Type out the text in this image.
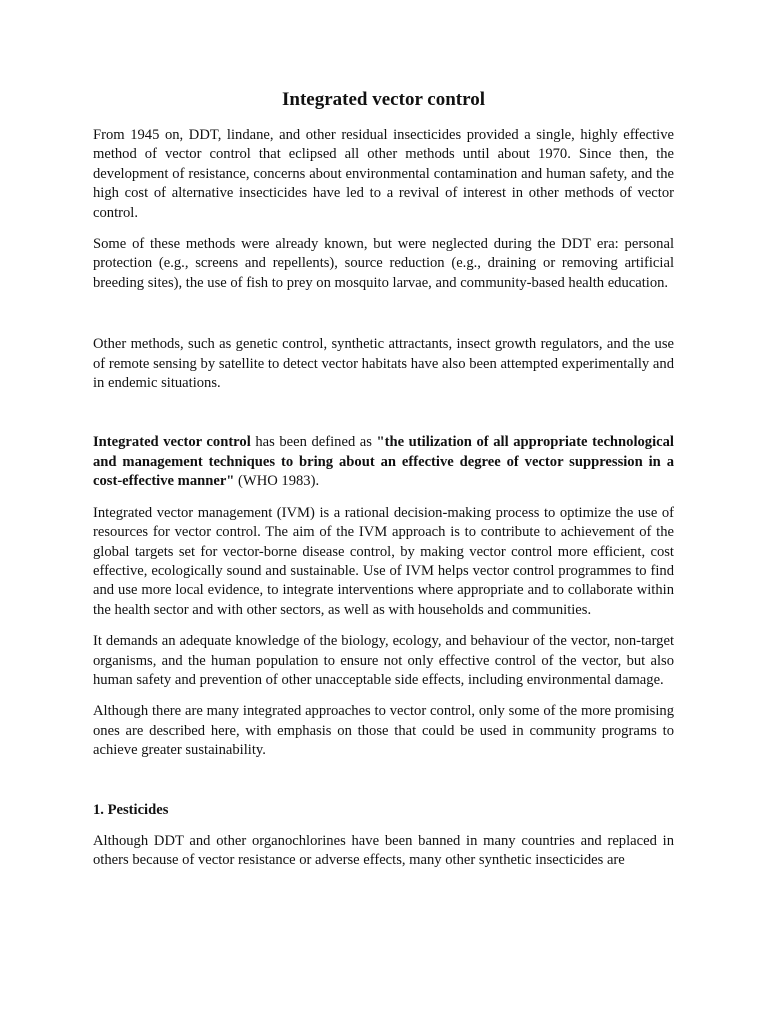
Integrated vector control

From 1945 on, DDT, lindane, and other residual insecticides provided a single, highly effective method of vector control that eclipsed all other methods until about 1970. Since then, the development of resistance, concerns about environmental contamination and human safety, and the high cost of alternative insecticides have led to a revival of interest in other methods of vector control.

Some of these methods were already known, but were neglected during the DDT era: personal protection (e.g., screens and repellents), source reduction (e.g., draining or removing artificial breeding sites), the use of fish to prey on mosquito larvae, and community-based health education.

Other methods, such as genetic control, synthetic attractants, insect growth regulators, and the use of remote sensing by satellite to detect vector habitats have also been attempted experimentally and in endemic situations.

Integrated vector control has been defined as "the utilization of all appropriate technological and management techniques to bring about an effective degree of vector suppression in a cost-effective manner" (WHO 1983).

Integrated vector management (IVM) is a rational decision-making process to optimize the use of resources for vector control. The aim of the IVM approach is to contribute to achievement of the global targets set for vector-borne disease control, by making vector control more efficient, cost effective, ecologically sound and sustainable. Use of IVM helps vector control programmes to find and use more local evidence, to integrate interventions where appropriate and to collaborate within the health sector and with other sectors, as well as with households and communities.

It demands an adequate knowledge of the biology, ecology, and behaviour of the vector, non-target organisms, and the human population to ensure not only effective control of the vector, but also human safety and prevention of other unacceptable side effects, including environmental damage.

Although there are many integrated approaches to vector control, only some of the more promising ones are described here, with emphasis on those that could be used in community programs to achieve greater sustainability.

1. Pesticides

Although DDT and other organochlorines have been banned in many countries and replaced in others because of vector resistance or adverse effects, many other synthetic insecticides are
